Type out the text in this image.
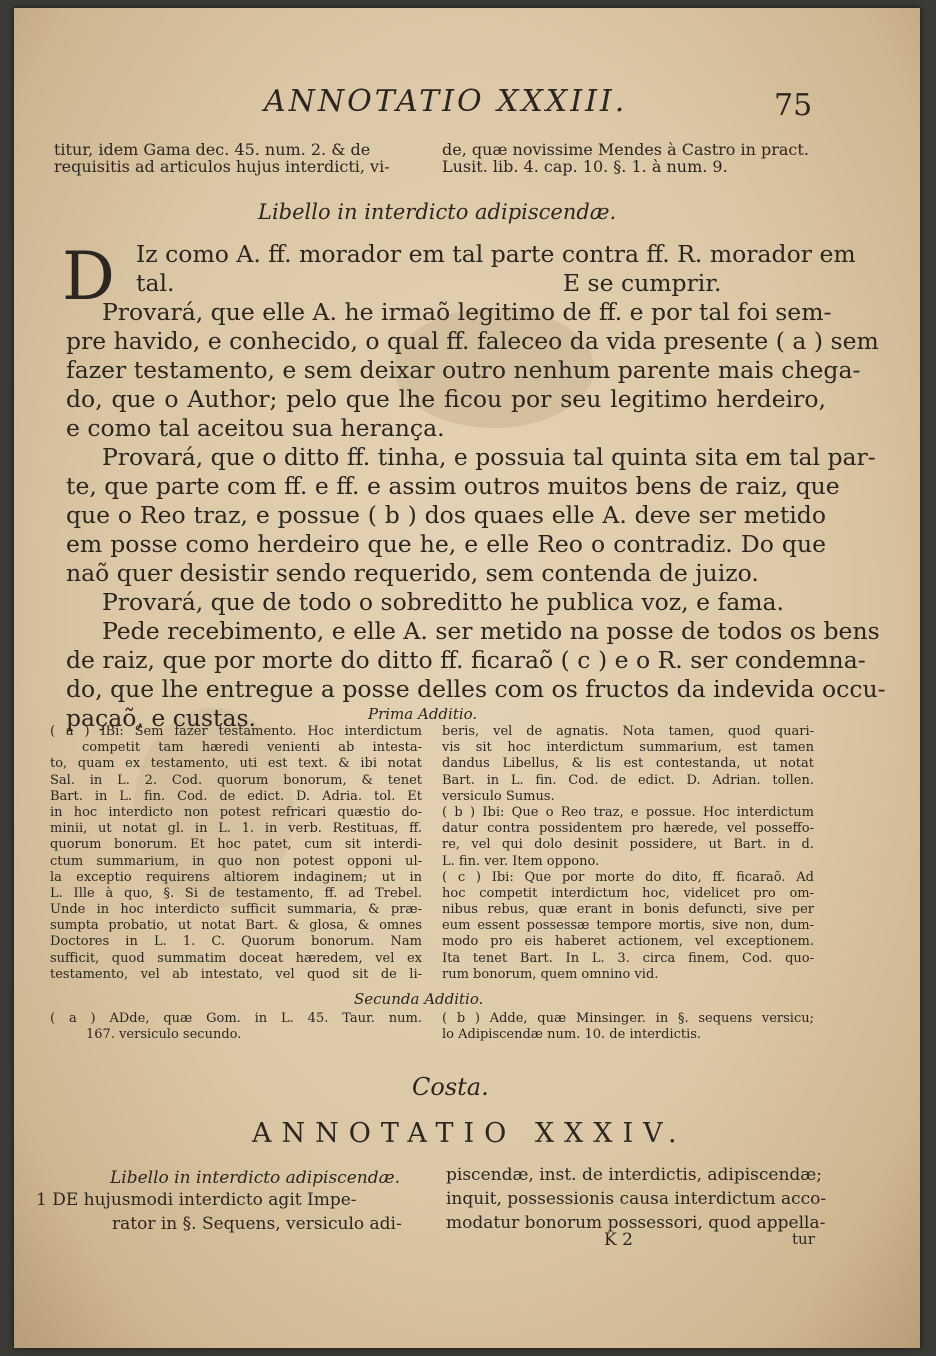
ANNOTATIO XXXIII.	75
titur, idem Gama dec. 45. num. 2. & de
requisitis ad articulos hujus interdicti, vi-
de, quæ novissime Mendes à Castro in pract.
Lusit. lib. 4. cap. 10. §. 1. à num. 9.
Libello in interdicto adipiscendæ.
D Iz como A. ff. morador em tal parte contra ff. R. morador em
tal.                                                    E se cumprir.
Provará, que elle A. he irmaõ legitimo de ff. e por tal foi sem-
pre havido, e conhecido, o qual ff. faleceo da vida presente ( a ) sem
fazer testamento, e sem deixar outro nenhum parente mais chega-
do, que o Author; pelo que lhe ficou por seu legitimo herdeiro,
e como tal aceitou sua herança.
Provará, que o ditto ff. tinha, e possuia tal quinta sita em tal par-
te, que parte com ff. e ff. e assim outros muitos bens de raiz, que
que o Reo traz, e possue ( b ) dos quaes elle A. deve ser metido
em posse como herdeiro que he, e elle Reo o contradiz. Do que
naõ quer desistir sendo requerido, sem contenda de juizo.
Provará, que de todo o sobreditto he publica voz, e fama.
Pede recebimento, e elle A. ser metido na posse de todos os bens
de raiz, que por morte do ditto ff. ficaraõ ( c ) e o R. ser condemna-
do, que lhe entregue a posse delles com os fructos da indevida occu-
paçaõ, e custas.	Prima Additio.
( a ) IBi: Sem fazer testamento. Hoc interdictum
competit tam hæredi venienti ab intesta-
to, quam ex testamento, uti est text. & ibi notat
Sal. in L. 2. Cod. quorum bonorum, & tenet
Bart. in L. fin. Cod. de edict. D. Adria. tol. Et
in hoc interdicto non potest refricari quæstio do-
minii, ut notat gl. in L. 1. in verb. Restituas, ff.
quorum bonorum. Et hoc patet, cum sit interdi-
ctum summarium, in quo non potest opponi ul-
la exceptio requirens altiorem indaginem; ut in
L. Ille à quo, §. Si de testamento, ff. ad Trebel.
Unde in hoc interdicto sufficit summaria, & præ-
sumpta probatio, ut notat Bart. & glosa, & omnes
Doctores in L. 1. C. Quorum bonorum. Nam
sufficit, quod summatim doceat hæredem, vel ex
testamento, vel ab intestato, vel quod sit de li-
beris, vel de agnatis. Nota tamen, quod quari-
vis sit hoc interdictum summarium, est tamen
dandus Libellus, & lis est contestanda, ut notat
Bart. in L. fin. Cod. de edict. D. Adrian. tollen.
versiculo Sumus.
( b ) Ibi: Que o Reo traz, e possue. Hoc interdictum
datur contra possidentem pro hærede, vel posseffo-
re, vel qui dolo desinit possidere, ut Bart. in d.
L. fin. ver. Item oppono.
( c ) Ibi: Que por morte do dito, ff. ficaraõ. Ad
hoc competit interdictum hoc, videlicet pro om-
nibus rebus, quæ erant in bonis defuncti, sive per
eum essent possessæ tempore mortis, sive non, dum-
modo pro eis haberet actionem, vel exceptionem.
Ita tenet Bart. In L. 3. circa finem, Cod. quo-
rum bonorum, quem omnino vid.
Secunda Additio.
( a ) ADde, quæ Gom. in L. 45. Taur. num.
167. versiculo secundo.
( b ) Adde, quæ Minsinger. in §. sequens versicu;
lo Adipiscendæ num. 10. de interdictis.
Costa.
ANNOTATIO XXXIV.
Libello in interdicto adipiscendæ.
1 DE hujusmodi interdicto agit Impe-
rator in §. Sequens, versiculo adi-
piscendæ, inst. de interdictis, adipiscendæ;
inquit, possessionis causa interdictum acco-
modatur bonorum possessori, quod appella-
K 2	tur
